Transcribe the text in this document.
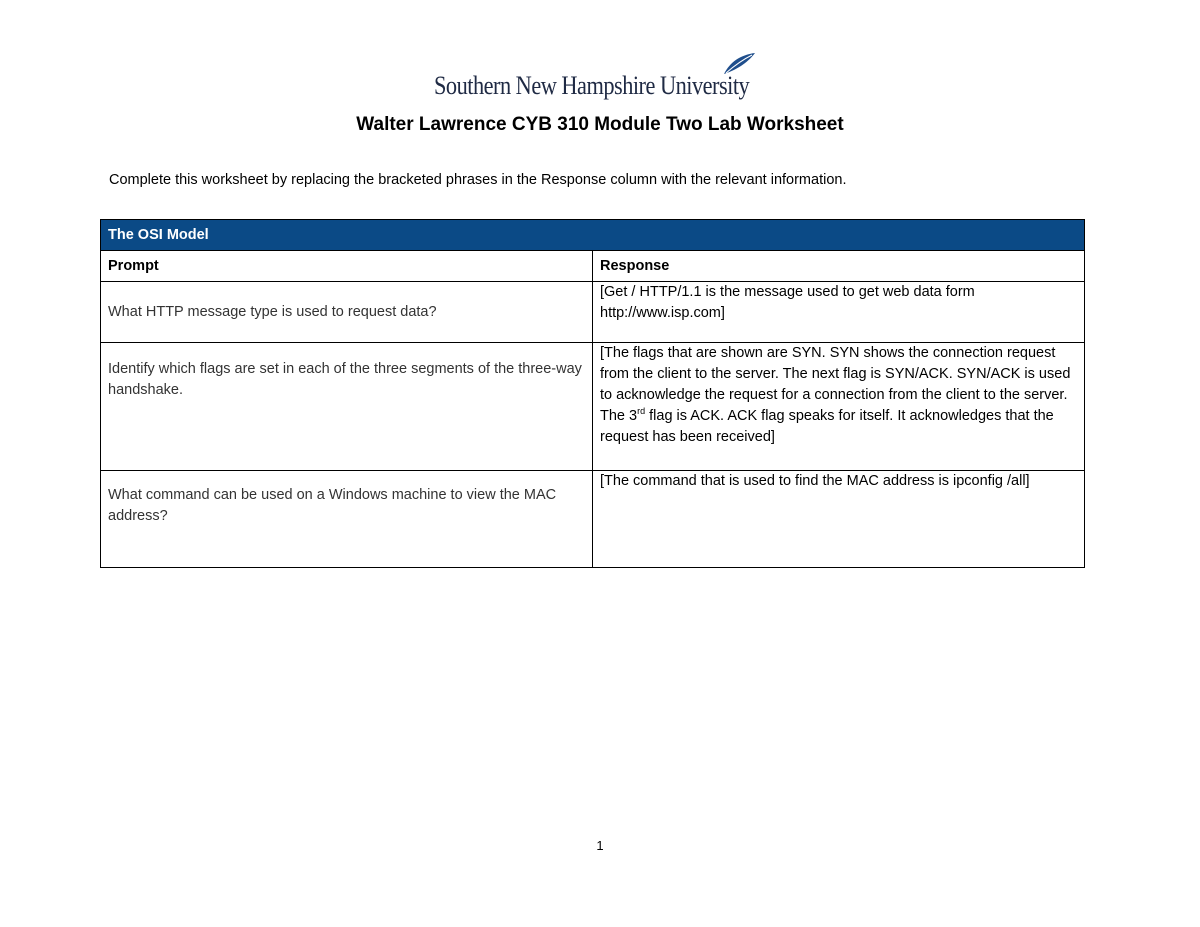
Southern New Hampshire University
Walter Lawrence CYB 310 Module Two Lab Worksheet
Complete this worksheet by replacing the bracketed phrases in the Response column with the relevant information.
The OSI Model	
Prompt	Response
What HTTP message type is used to request data?	[Get / HTTP/1.1 is the message used to get web data form http://www.isp.com]
Identify which flags are set in each of the three segments of the three-way handshake.	[The flags that are shown are SYN. SYN shows the connection request from the client to the server. The next flag is SYN/ACK. SYN/ACK is used to acknowledge the request for a connection from the client to the server. The 3rd flag is ACK. ACK flag speaks for itself. It acknowledges that the request has been received]
What command can be used on a Windows machine to view the MAC address?	[The command that is used to find the MAC address is ipconfig /all]
1
